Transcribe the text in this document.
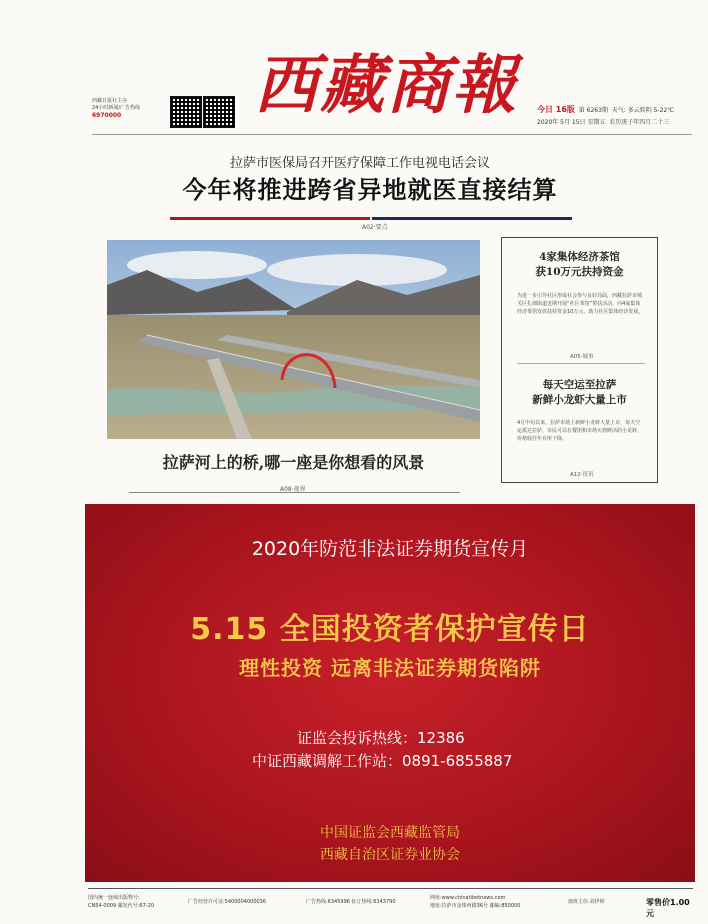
西藏日报社主办
24小时新闻/广告热线
6970000	西藏商報	今日 16版 第 6263期 天气: 多云转阴 5-22℃
2020年 5月 15日 星期五 农历庚子年四月二十三
拉萨市医保局召开医疗保障工作电视电话会议
今年将推进跨省异地就医直接结算
A02·要点
拉萨河上的桥,哪一座是你想看的风景
A08·视界
4家集体经济茶馆
获10万元扶持资金
为进一步引导社区形成社会参与良好局面，西藏拉萨市城关区扎细街道近期开展“社区茶馆”帮扶活动，向4家集体经济茶馆发放扶持资金10万元，助力社区集体经济发展。
A05·城事
每天空运至拉萨
新鲜小龙虾大量上市
4月中旬以来，拉萨市场上新鲜小龙虾大量上市，每天空运抵达拉萨，市民可以在餐馆和市场买到鲜活的小龙虾，价格较往年有所下降。
A12·资讯
2020年防范非法证券期货宣传月
5.15 全国投资者保护宣传日
理性投资 远离非法证券期货陷阱
证监会投诉热线：12386
中证西藏调解工作站：0891-6855887
中国证监会西藏监管局
西藏自治区证券业协会
国内统一连续出版物号:
CN54-0009 邮发代号:67-20
广告经营许可证:5400004000036	广告热线:6345996 征订热线:6343790
网址:www.chinatibetnews.com
地址:拉萨市金珠西路36号 邮编:850000
值班主任:刘伊婷	零售价1.00元
